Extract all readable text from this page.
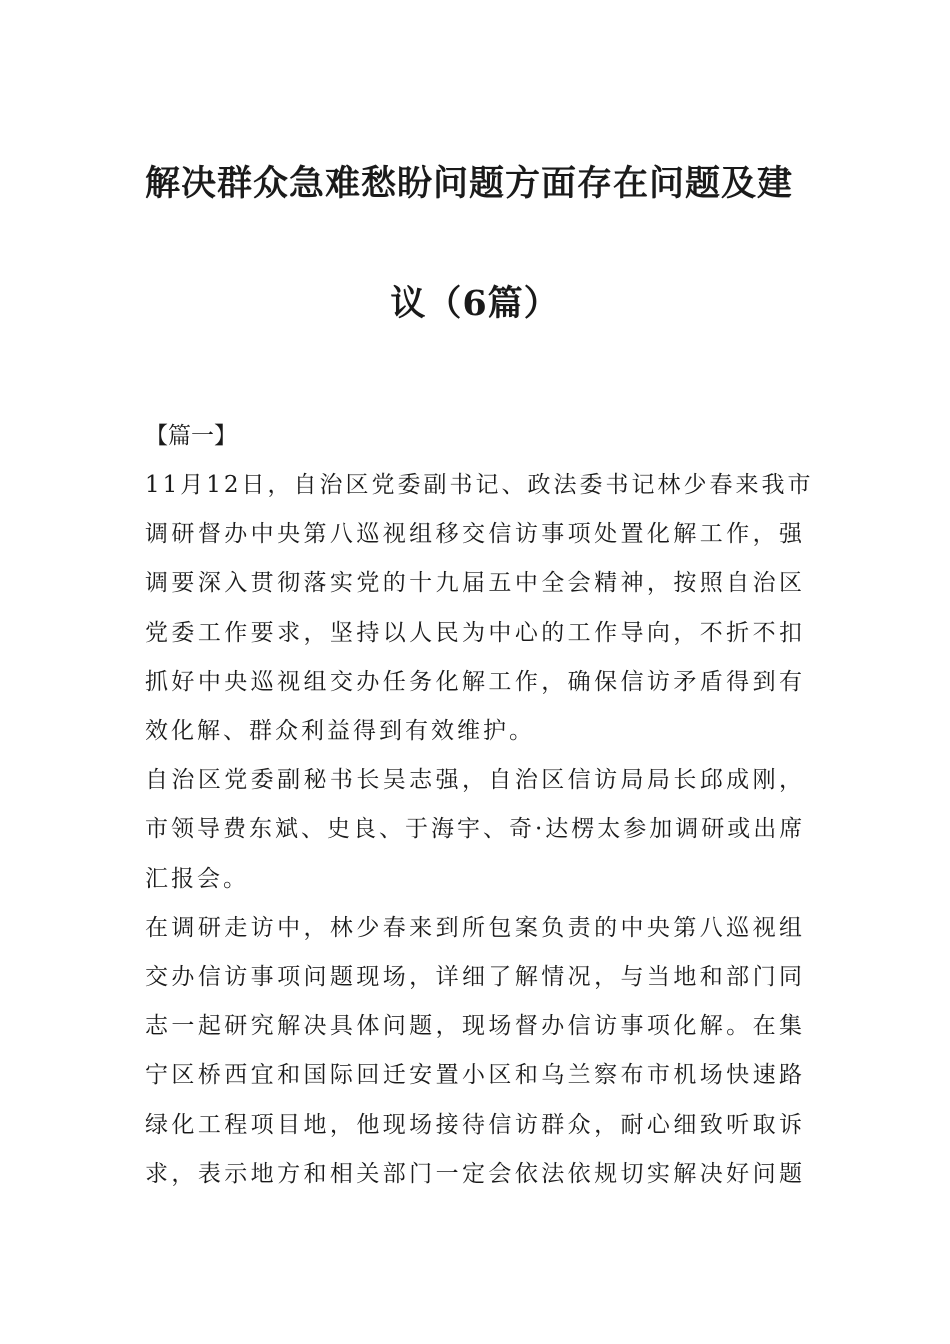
解决群众急难愁盼问题方面存在问题及建
议（6篇）

【篇一】

11月12日，自治区党委副书记、政法委书记林少春来我市
调研督办中央第八巡视组移交信访事项处置化解工作，强
调要深入贯彻落实党的十九届五中全会精神，按照自治区
党委工作要求，坚持以人民为中心的工作导向，不折不扣
抓好中央巡视组交办任务化解工作，确保信访矛盾得到有
效化解、群众利益得到有效维护。

自治区党委副秘书长吴志强，自治区信访局局长邱成刚，
市领导费东斌、史良、于海宇、奇·达楞太参加调研或出席
汇报会。

在调研走访中，林少春来到所包案负责的中央第八巡视组
交办信访事项问题现场，详细了解情况，与当地和部门同
志一起研究解决具体问题，现场督办信访事项化解。在集
宁区桥西宜和国际回迁安置小区和乌兰察布市机场快速路
绿化工程项目地，他现场接待信访群众，耐心细致听取诉
求，表示地方和相关部门一定会依法依规切实解决好问题
